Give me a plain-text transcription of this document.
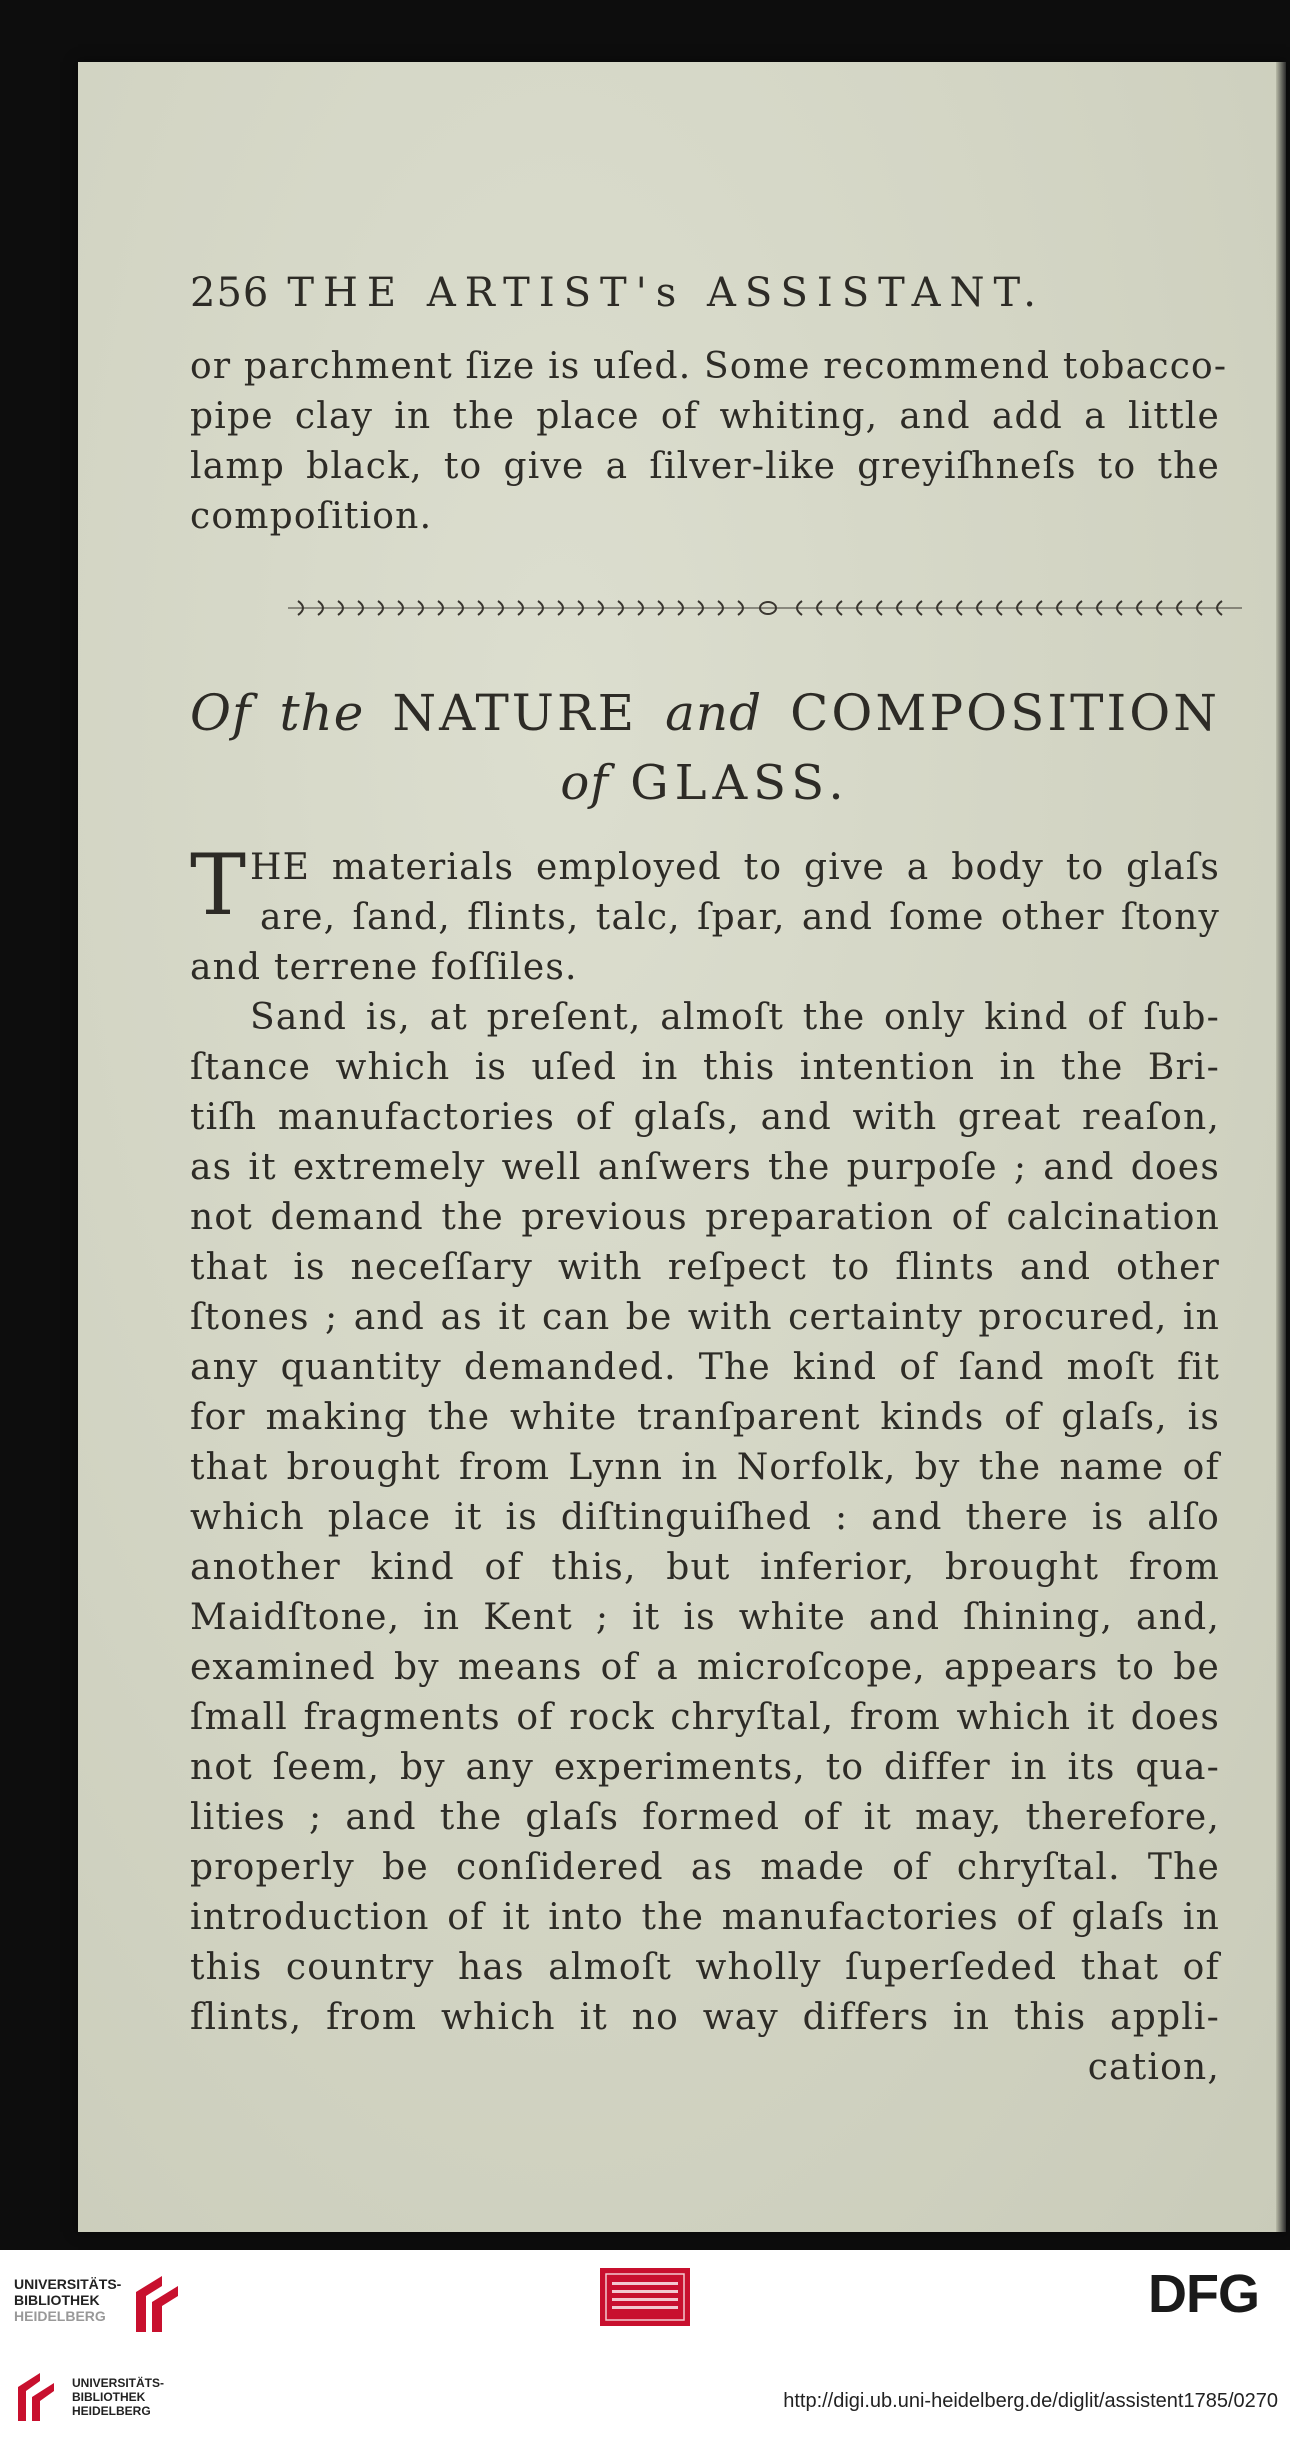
256 THE ARTIST's ASSISTANT.
or parchment ſize is uſed. Some recommend tobacco-
pipe clay in the place of whiting, and add a little
lamp black, to give a ſilver-like greyiſhneſs to the
compoſition.
Of the NATURE and COMPOSITION
of GLASS.
T HE materials employed to give a body to glaſs
are, ſand, flints, talc, ſpar, and ſome other ſtony
and terrene foſſiles.
Sand is, at preſent, almoſt the only kind of ſub-
ſtance which is uſed in this intention in the Bri-
tiſh manufactories of glaſs, and with great reaſon,
as it extremely well anſwers the purpoſe ; and does
not demand the previous preparation of calcination
that is neceſſary with reſpect to flints and other
ſtones ; and as it can be with certainty procured, in
any quantity demanded. The kind of ſand moſt fit
for making the white tranſparent kinds of glaſs, is
that brought from Lynn in Norfolk, by the name of
which place it is diſtinguiſhed : and there is alſo
another kind of this, but inferior, brought from
Maidſtone, in Kent ; it is white and ſhining, and,
examined by means of a microſcope, appears to be
ſmall fragments of rock chryſtal, from which it does
not ſeem, by any experiments, to differ in its qua-
lities ; and the glaſs formed of it may, therefore,
properly be conſidered as made of chryſtal. The
introduction of it into the manufactories of glaſs in
this country has almoſt wholly ſuperſeded that of
flints, from which it no way differs in this appli-
cation,
UNIVERSITÄTS-
BIBLIOTHEK
HEIDELBERG
UNIVERSITÄTS-
BIBLIOTHEK
HEIDELBERG
DFG
http://digi.ub.uni-heidelberg.de/diglit/assistent1785/0270
